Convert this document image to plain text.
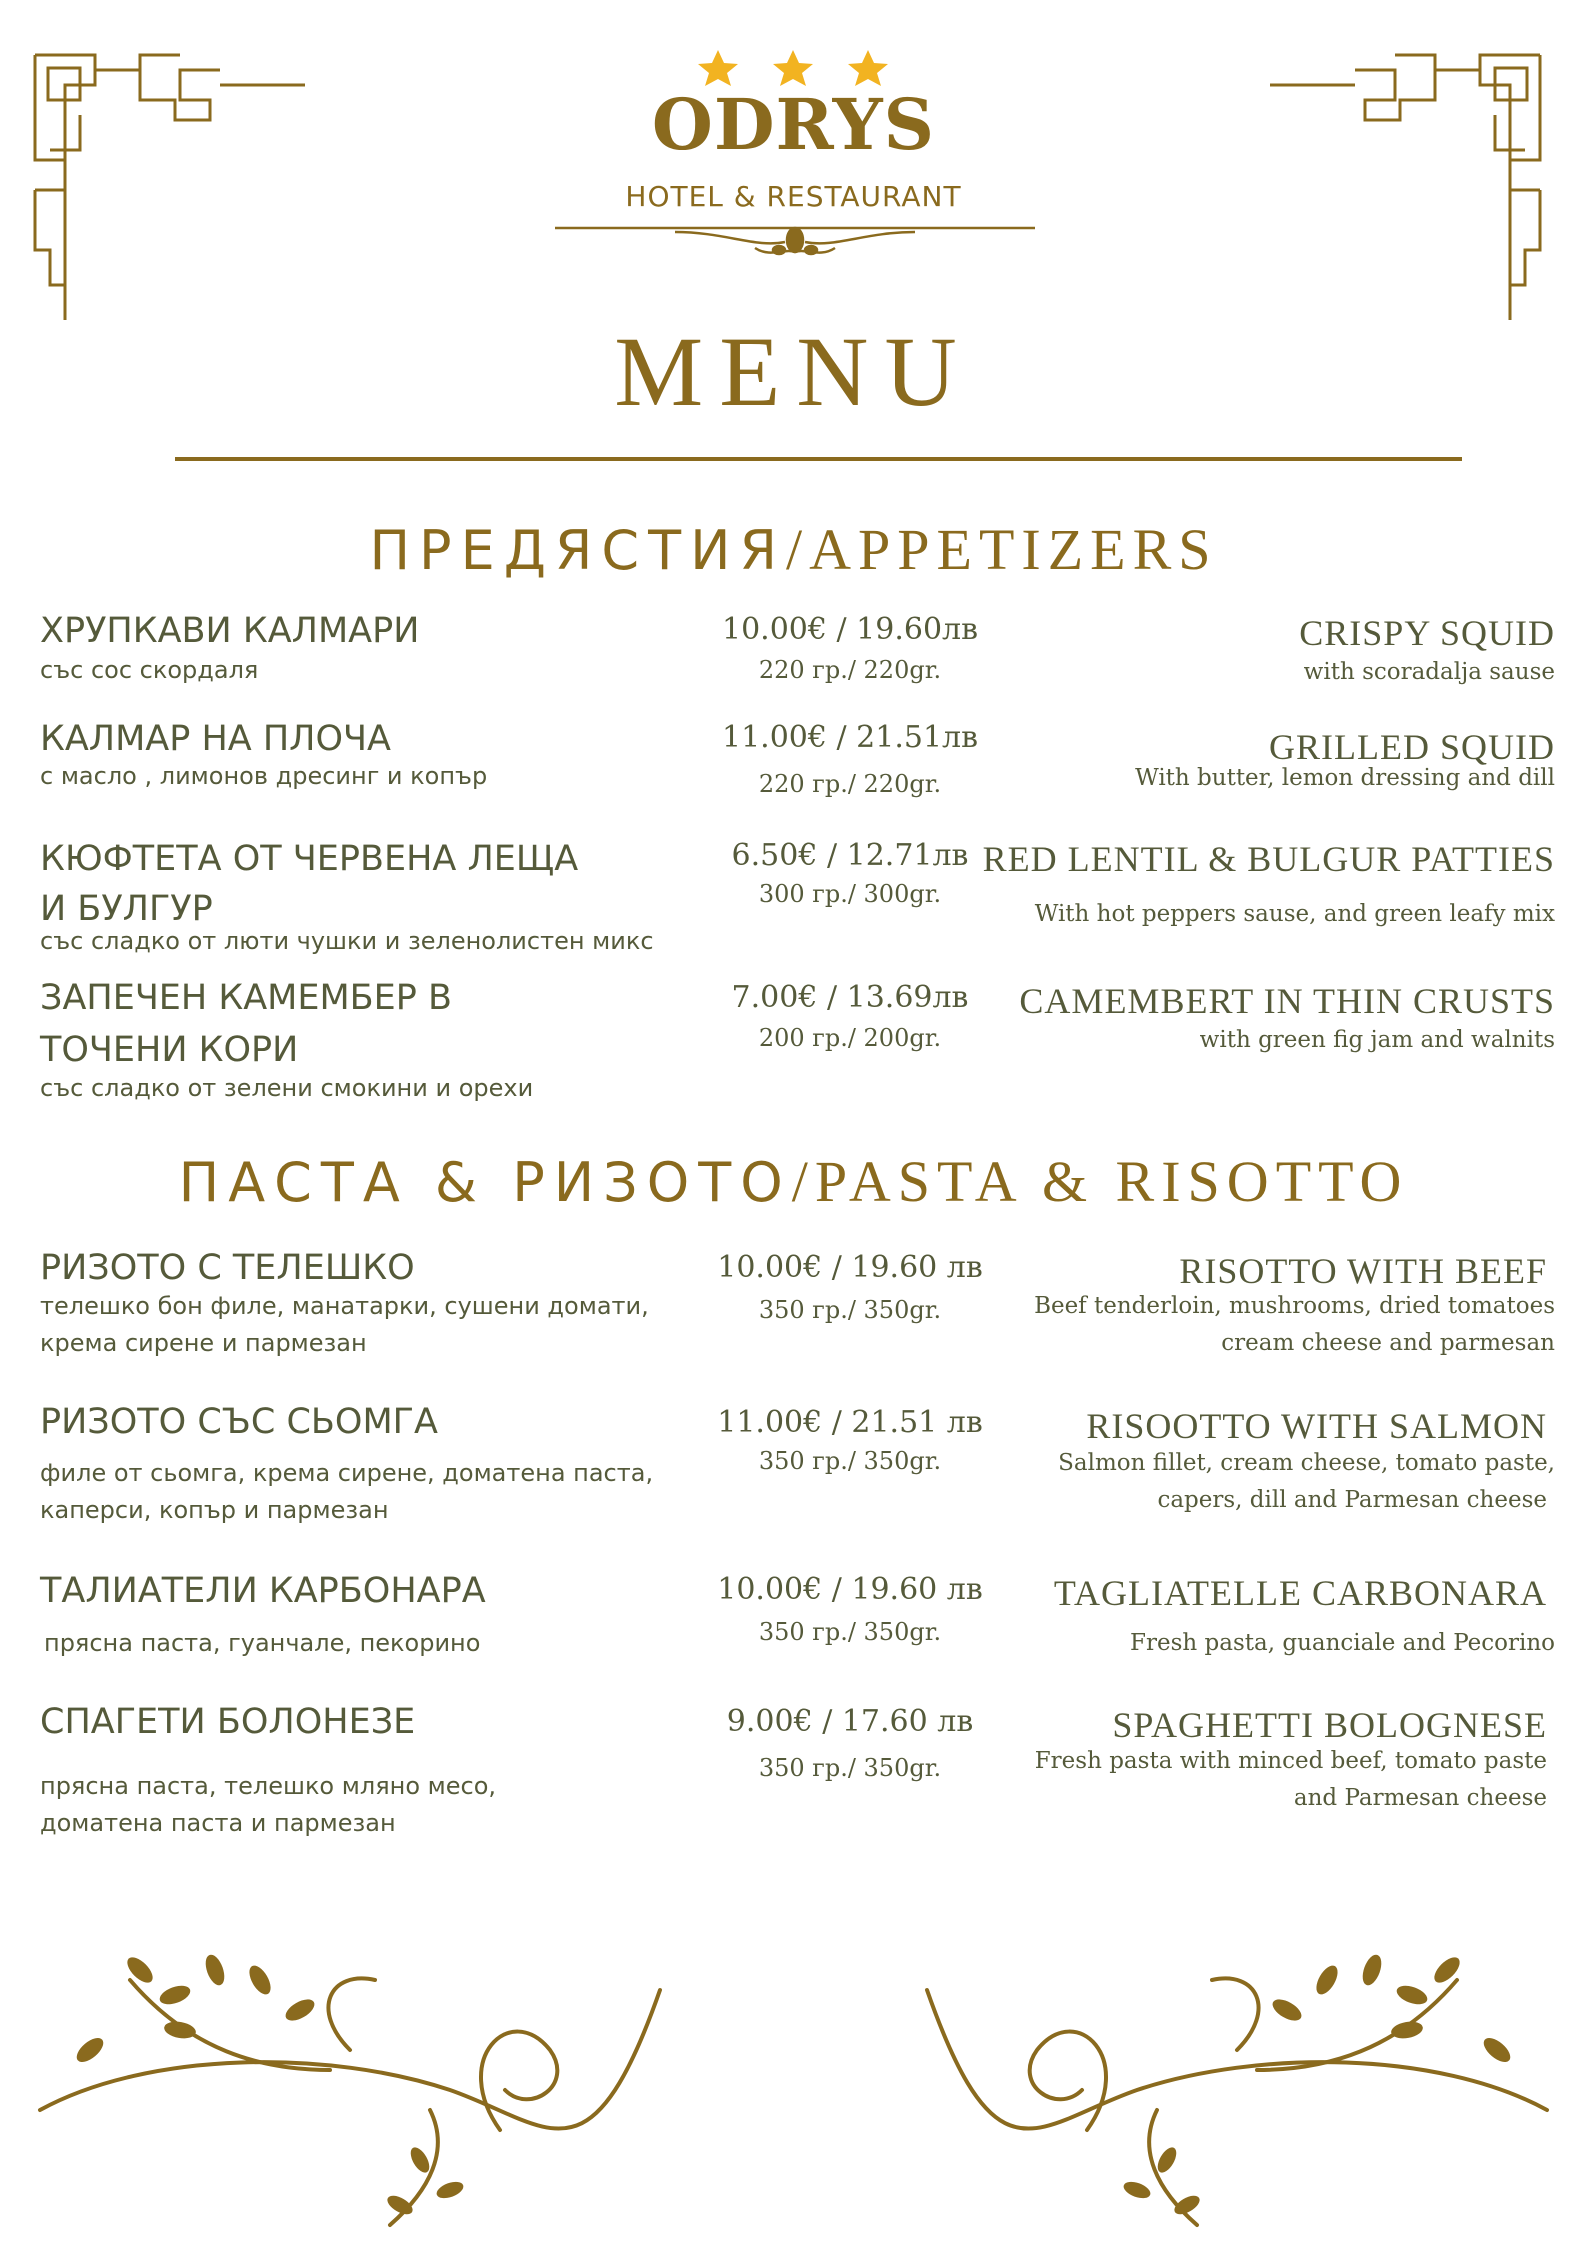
ODRYS
HOTEL & RESTAURANT
MENU
ПРЕДЯСТИЯ/APPETIZERS
ХРУПКАВИ КАЛМАРИ
със сос скордаля
10.00€ / 19.60лв
220 гр./ 220gr.
CRISPY SQUID
with scoradalja sause
КАЛМАР НА ПЛОЧА
с масло , лимонов дресинг и копър
11.00€ / 21.51лв
220 гр./ 220gr.
GRILLED SQUID
With butter, lemon dressing and dill
КЮФТЕТА ОТ ЧЕРВЕНА ЛЕЩА
И БУЛГУР
със сладко от люти чушки и зеленолистен микс
6.50€ / 12.71лв
300 гр./ 300gr.
RED LENTIL & BULGUR PATTIES
With hot peppers sause, and green leafy mix
ЗАПЕЧЕН КАМЕМБЕР В
ТОЧЕНИ КОРИ
със сладко от зелени смокини и орехи
7.00€ / 13.69лв
200 гр./ 200gr.
CAMEMBERT IN THIN CRUSTS
with green fig jam and walnits
ПАСТА & РИЗОТО/PASTA & RISOTTO
РИЗОТО С ТЕЛЕШКО
телешко бон филе, манатарки, сушени домати,
крема сирене и пармезан
10.00€ / 19.60 лв
350 гр./ 350gr.
RISOTTO WITH BEEF
Beef tenderloin, mushrooms, dried tomatoes
cream cheese and parmesan
РИЗОТО СЪС СЬОМГА
филе от сьомга, крема сирене, доматена паста,
каперси, копър и пармезан
11.00€ / 21.51 лв
350 гр./ 350gr.
RISOOTTO WITH SALMON
Salmon fillet, cream cheese, tomato paste,
capers, dill and Parmesan cheese
ТАЛИАТЕЛИ КАРБОНАРА
прясна паста, гуанчале, пекорино
10.00€ / 19.60 лв
350 гр./ 350gr.
TAGLIATELLE CARBONARA
Fresh pasta, guanciale and Pecorino
СПАГЕТИ БОЛОНЕЗЕ
прясна паста, телешко мляно месо,
доматена паста и пармезан
9.00€ / 17.60 лв
350 гр./ 350gr.
SPAGHETTI BOLOGNESE
Fresh pasta with minced beef, tomato paste
and Parmesan cheese
